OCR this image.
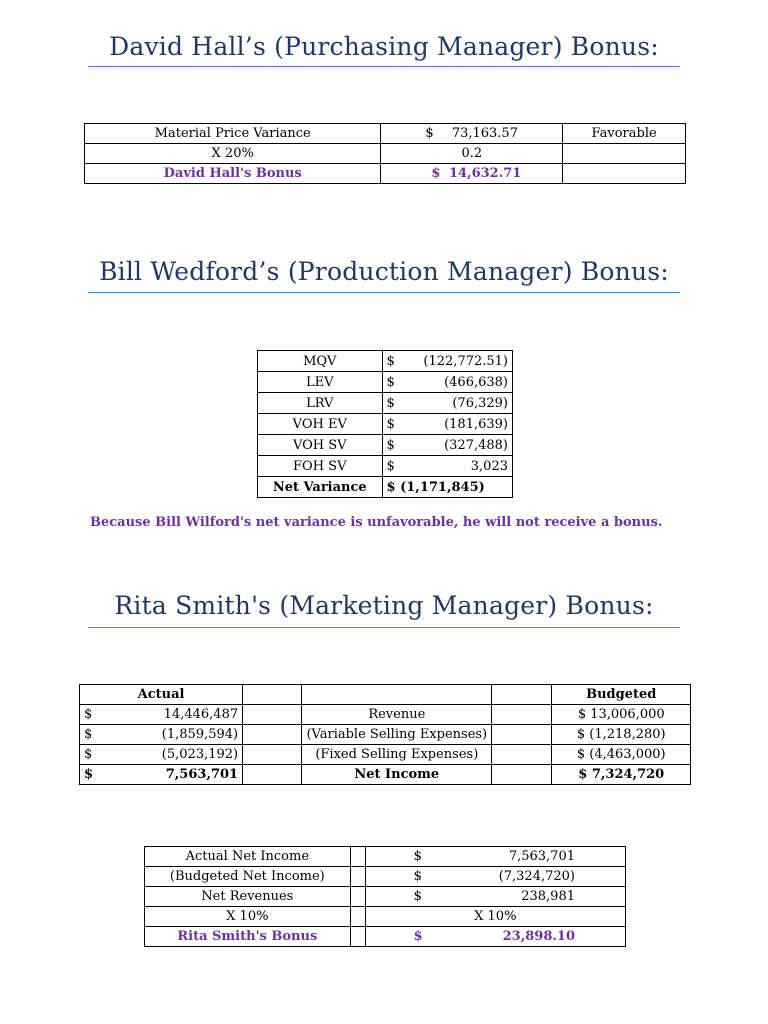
David Hall’s (Purchasing Manager) Bonus:
Material Price Variance	$ 73,163.57	Favorable
X 20%	0.2	
David Hall's Bonus	$ 14,632.71	
Bill Wedford’s (Production Manager) Bonus:
MQV	$ (122,772.51)

LEV	$ (466,638)

LRV	$ (76,329)

VOH EV	$ (181,639)

VOH SV	$ (327,488)

FOH SV	$ 3,023

Net Variance	$ (1,171,845)
Because Bill Wilford's net variance is unfavorable, he will not receive a bonus.
Rita Smith's (Marketing Manager) Bonus:
Actual				Budgeted

$ 14,446,487		Revenue		$ 13,006,000

$ (1,859,594)		(Variable Selling Expenses)		$ (1,218,280)

$ (5,023,192)		(Fixed Selling Expenses)		$ (4,463,000)

$ 7,563,701		Net Income		$ 7,324,720
Actual Net Income		$ 7,563,701

(Budgeted Net Income)		$ (7,324,720)

Net Revenues		$ 238,981

X 10%		X 10%
Rita Smith's Bonus		$ 23,898.10
